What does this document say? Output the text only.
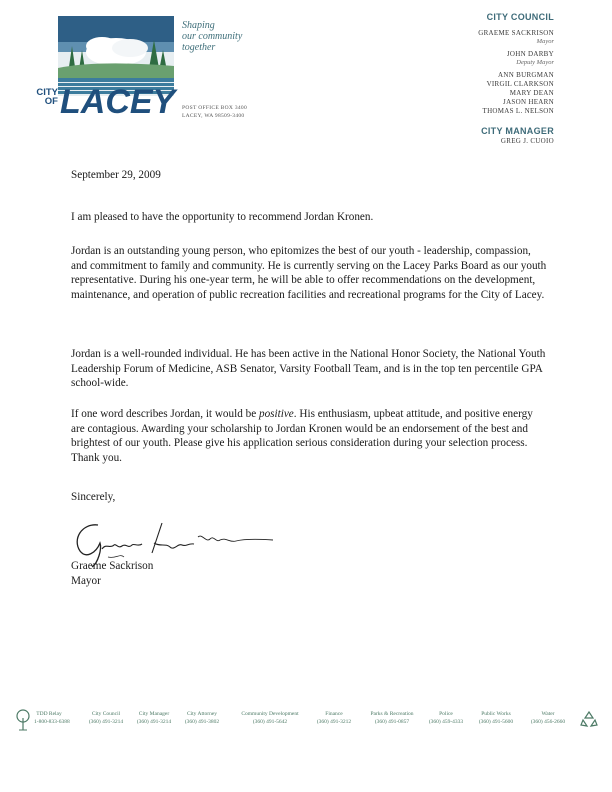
Shaping
our community
together
CITY
OF LACEY POST OFFICE BOX 3400
LACEY, WA 98509-3400
CITY COUNCIL
GRAEME SACKRISON
Mayor
JOHN DARBY
Deputy Mayor
ANN BURGMAN
VIRGIL CLARKSON
MARY DEAN
JASON HEARN
THOMAS L. NELSON
CITY MANAGER
GREG J. CUOIO
September 29, 2009

I am pleased to have the opportunity to recommend Jordan Kronen.

Jordan is an outstanding young person, who epitomizes the best of our youth - leadership, compassion, and commitment to family and community. He is currently serving on the Lacey Parks Board as our youth representative. During his one-year term, he will be able to offer recommendations on the development, maintenance, and operation of public recreation facilities and recreational programs for the City of Lacey.

Jordan is a well-rounded individual. He has been active in the National Honor Society, the National Youth Leadership Forum of Medicine, ASB Senator, Varsity Football Team, and is in the top ten percentile GPA school-wide.

If one word describes Jordan, it would be positive. His enthusiasm, upbeat attitude, and positive energy are contagious. Awarding your scholarship to Jordan Kronen would be an endorsement of the best and brightest of our youth. Please give his application serious consideration during your selection process. Thank you.

Sincerely,
Graeme Sackrison
Mayor
TDD Relay
1-800-833-6388
City Council
(360) 491-3214
City Manager
(360) 491-3214
City Attorney
(360) 491-3802
Community Development
(360) 491-5642
Finance
(360) 491-3212
Parks & Recreation
(360) 491-0857
Police
(360) 459-4333
Public Works
(360) 491-5600
Water
(360) 456-2660
